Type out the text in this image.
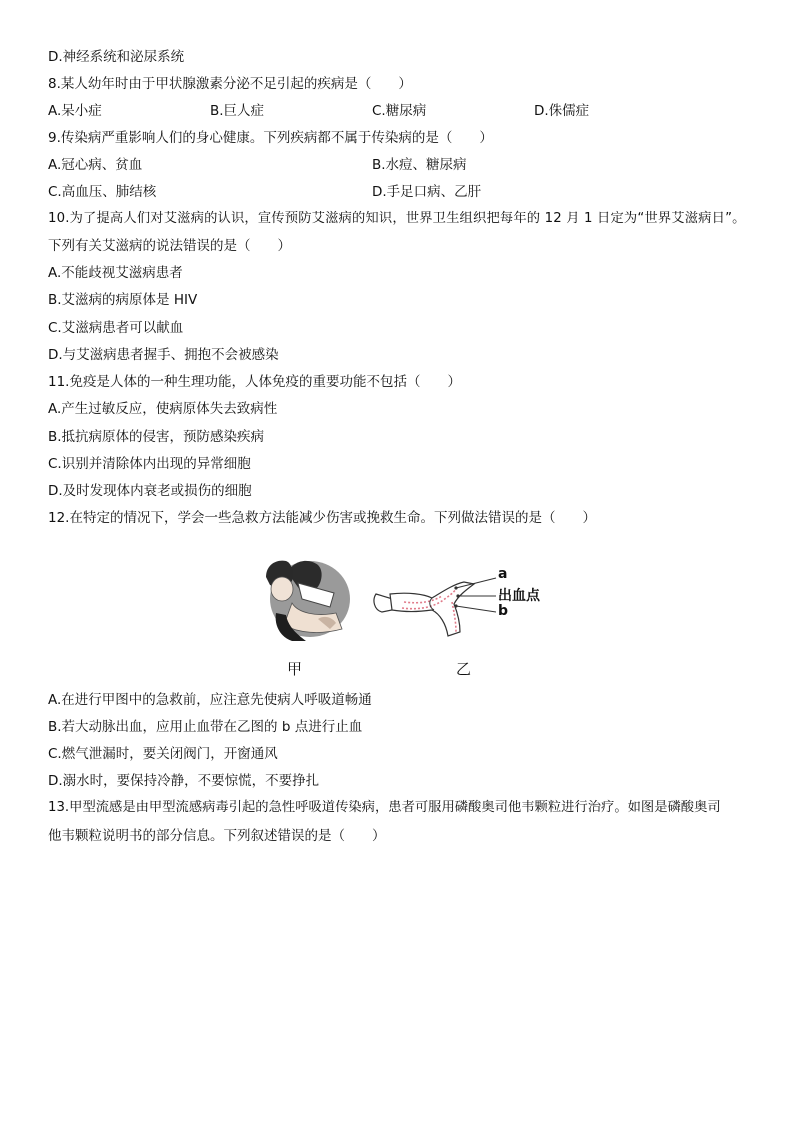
D.神经系统和泌尿系统
8.某人幼年时由于甲状腺激素分泌不足引起的疾病是（　　）
A.呆小症	B.巨人症	C.糖尿病	D.侏儒症
9.传染病严重影响人们的身心健康。下列疾病都不属于传染病的是（　　）
A.冠心病、贫血	B.水痘、糖尿病
C.高血压、肺结核	D.手足口病、乙肝
10.为了提高人们对艾滋病的认识，宣传预防艾滋病的知识，世界卫生组织把每年的 12 月 1 日定为“世界艾滋病日”。
下列有关艾滋病的说法错误的是（　　）
A.不能歧视艾滋病患者
B.艾滋病的病原体是 HIV
C.艾滋病患者可以献血
D.与艾滋病患者握手、拥抱不会被感染
11.免疫是人体的一种生理功能，人体免疫的重要功能不包括（　　）
A.产生过敏反应，使病原体失去致病性
B.抵抗病原体的侵害，预防感染疾病
C.识别并清除体内出现的异常细胞
D.及时发现体内衰老或损伤的细胞
12.在特定的情况下，学会一些急救方法能减少伤害或挽救生命。下列做法错误的是（　　）
a
出血点
b
甲	乙
A.在进行甲图中的急救前，应注意先使病人呼吸道畅通
B.若大动脉出血，应用止血带在乙图的 b 点进行止血
C.燃气泄漏时，要关闭阀门，开窗通风
D.溺水时，要保持冷静，不要惊慌，不要挣扎
13.甲型流感是由甲型流感病毒引起的急性呼吸道传染病，患者可服用磷酸奥司他韦颗粒进行治疗。如图是磷酸奥司
他韦颗粒说明书的部分信息。下列叙述错误的是（　　）
